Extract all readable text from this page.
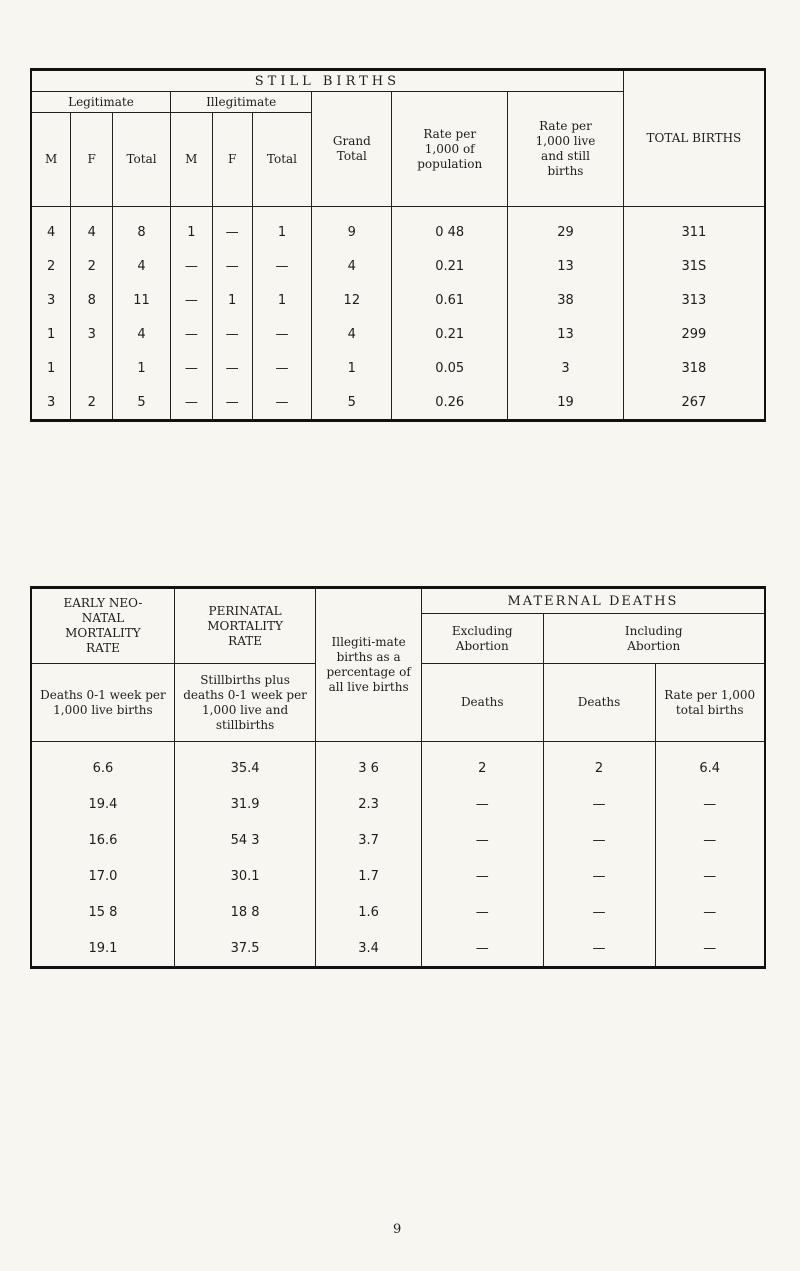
STILL BIRTHS									TOTAL BIRTHS
Legitimate			Illegitimate			Grand Total	Rate per 1,000 of population	Rate per 1,000 live and still births	
M	F	Total	M	F	Total				
4	4	8	1	—	1	9	0 48	29	311
2	2	4	—	—	—	4	0.21	13	31S
3	8	11	—	1	1	12	0.61	38	313
1	3	4	—	—	—	4	0.21	13	299
1		1	—	—	—	1	0.05	3	318
3	2	5	—	—	—	5	0.26	19	267
EARLY NEO-NATAL MORTALITY RATE	PERINATAL MORTALITY RATE	Illegiti-mate births as a percentage of all live births	MATERNAL DEATHS		
			Excluding Abortion	Including Abortion	
Deaths 0-1 week per 1,000 live births	Stillbirths plus deaths 0-1 week per 1,000 live and stillbirths		Deaths	Deaths	Rate per 1,000 total births
6.6	35.4	3 6	2	2	6.4
19.4	31.9	2.3	—	—	—
16.6	54 3	3.7	—	—	—
17.0	30.1	1.7	—	—	—
15 8	18 8	1.6	—	—	—
19.1	37.5	3.4	—	—	—
9
